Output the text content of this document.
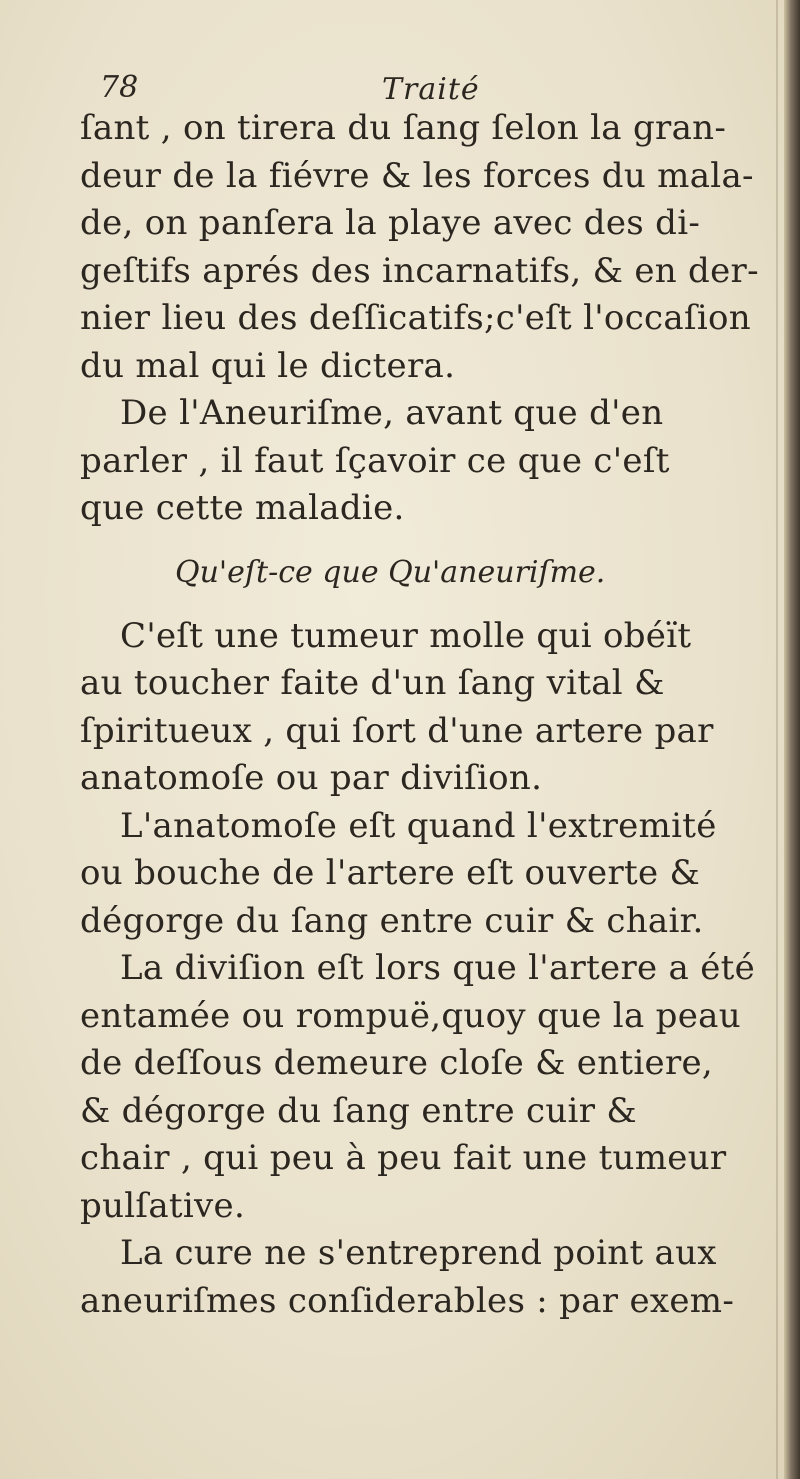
78	Traité
ſant , on tirera du ſang ſelon la gran-
deur de la fiévre & les forces du mala-
de, on panſera la playe avec des di-
geſtifs aprés des incarnatifs, & en der-
nier lieu des deſſicatifs;c'eſt l'occaſion
du mal qui le dictera.
De l'Aneuriſme, avant que d'en
parler , il faut ſçavoir ce que c'eſt
que cette maladie.
Qu'eſt-ce que Qu'aneuriſme.
C'eſt une tumeur molle qui obéït
au toucher faite d'un ſang vital &
ſpiritueux , qui ſort d'une artere par
anatomoſe ou par diviſion.
L'anatomoſe eſt quand l'extremité
ou bouche de l'artere eſt ouverte &
dégorge du ſang entre cuir & chair.
La diviſion eſt lors que l'artere a été
entamée ou rompuë,quoy que la peau
de deſſous demeure cloſe & entiere,
& dégorge du ſang entre cuir &
chair , qui peu à peu fait une tumeur
pulſative.
La cure ne s'entreprend point aux
aneuriſmes conſiderables : par exem-
